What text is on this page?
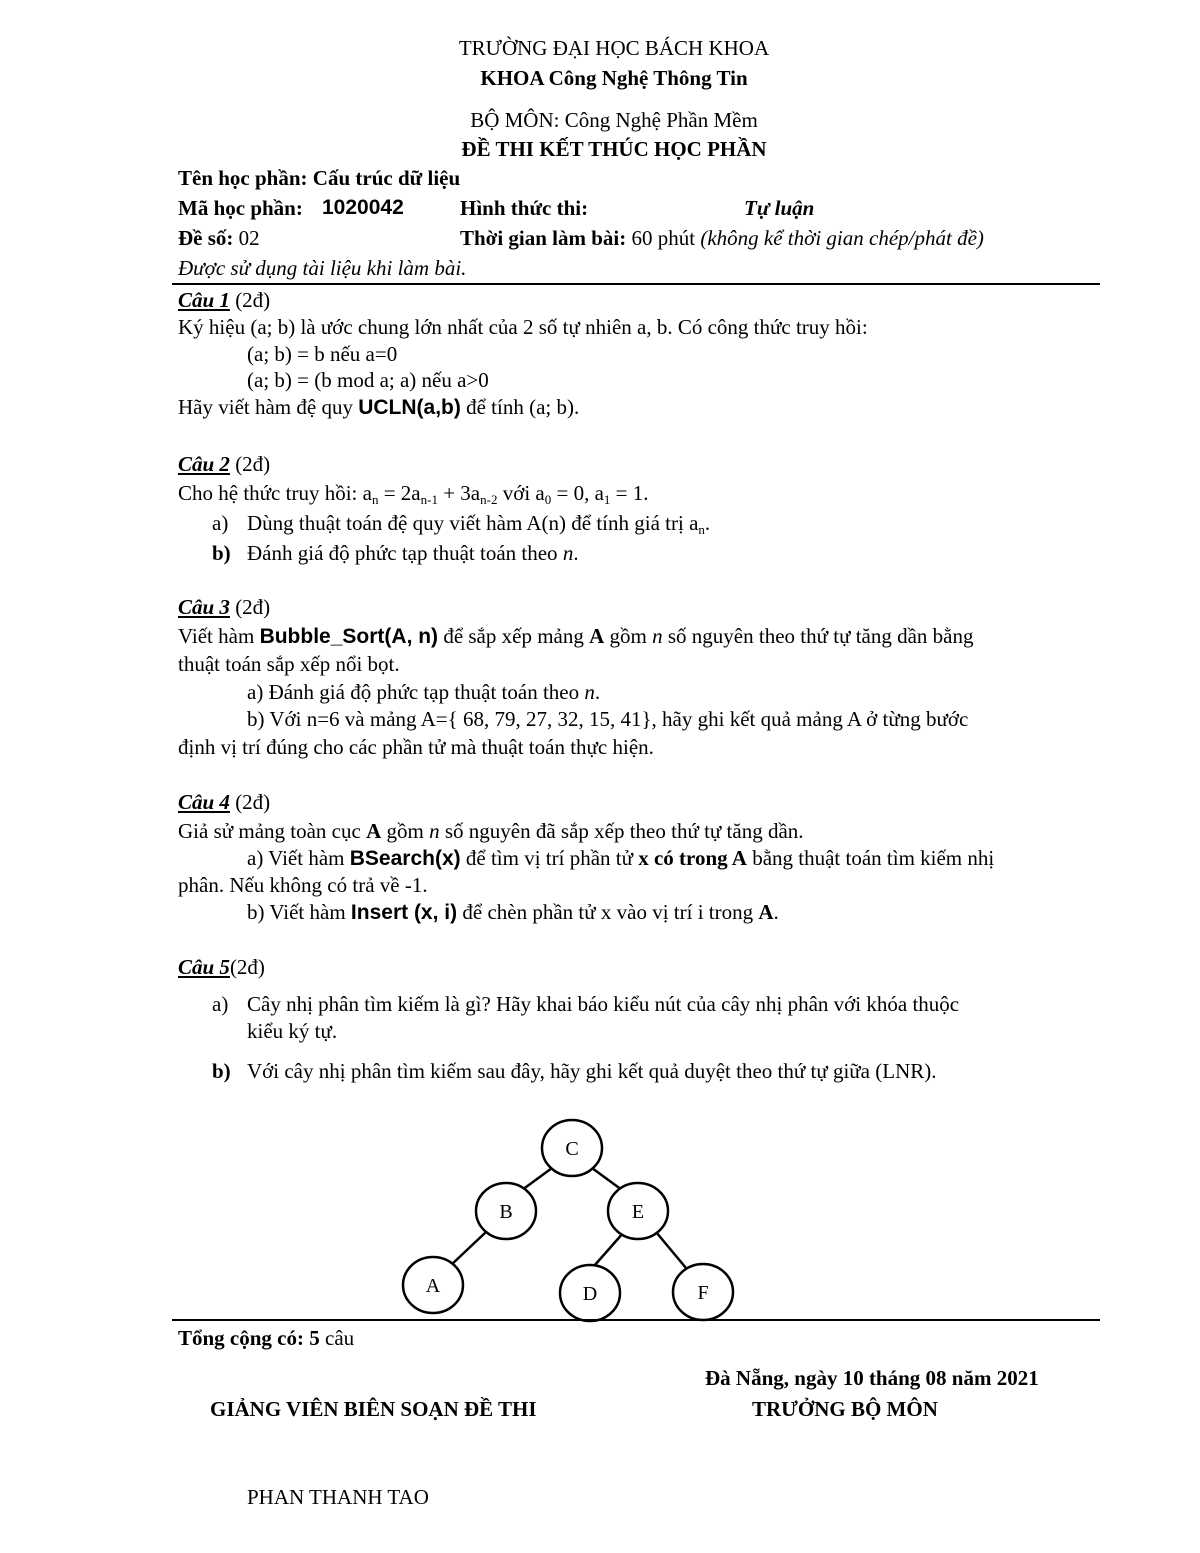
TRƯỜNG ĐẠI HỌC BÁCH KHOA
KHOA Công Nghệ Thông Tin
BỘ MÔN: Công Nghệ Phần Mềm
ĐỀ THI KẾT THÚC HỌC PHẦN
Tên học phần: Cấu trúc dữ liệu
Mã học phần: 1020042	Hình thức thi:	Tự luận
Đề số: 02	Thời gian làm bài: 60 phút (không kể thời gian chép/phát đề)
Được sử dụng tài liệu khi làm bài.
Câu 1 (2đ)
Ký hiệu (a; b) là ước chung lớn nhất của 2 số tự nhiên a, b. Có công thức truy hồi:
(a; b) = b nếu a=0
(a; b) = (b mod a; a) nếu a>0
Hãy viết hàm đệ quy UCLN(a,b) để tính (a; b).
Câu 2 (2đ)
Cho hệ thức truy hồi: $a_n = 2a_{n-1} + 3a_{n-2}$ với $a_0 = 0$, $a_1 = 1$.
a) Dùng thuật toán đệ quy viết hàm A(n) để tính giá trị $a_n$.
b) Đánh giá độ phức tạp thuật toán theo n.
Câu 3 (2đ)
Viết hàm Bubble_Sort(A, n) để sắp xếp mảng A gồm n số nguyên theo thứ tự tăng dần bằng
thuật toán sắp xếp nổi bọt.
a) Đánh giá độ phức tạp thuật toán theo n.
b) Với n=6 và mảng A={ 68, 79, 27, 32, 15, 41}, hãy ghi kết quả mảng A ở từng bước
định vị trí đúng cho các phần tử mà thuật toán thực hiện.
Câu 4 (2đ)
Giả sử mảng toàn cục A gồm n số nguyên đã sắp xếp theo thứ tự tăng dần.
a) Viết hàm BSearch(x) để tìm vị trí phần tử x có trong A bằng thuật toán tìm kiếm nhị
phân. Nếu không có trả về -1.
b) Viết hàm Insert (x, i) để chèn phần tử x vào vị trí i trong A.
Câu 5(2đ)
a) Cây nhị phân tìm kiếm là gì? Hãy khai báo kiểu nút của cây nhị phân với khóa thuộc
kiểu ký tự.
b) Với cây nhị phân tìm kiếm sau đây, hãy ghi kết quả duyệt theo thứ tự giữa (LNR).
C
B	E
A	D	F
Tổng cộng có: 5 câu
Đà Nẵng, ngày 10 tháng 08 năm 2021
GIẢNG VIÊN BIÊN SOẠN ĐỀ THI	TRƯỞNG BỘ MÔN
PHAN THANH TAO
